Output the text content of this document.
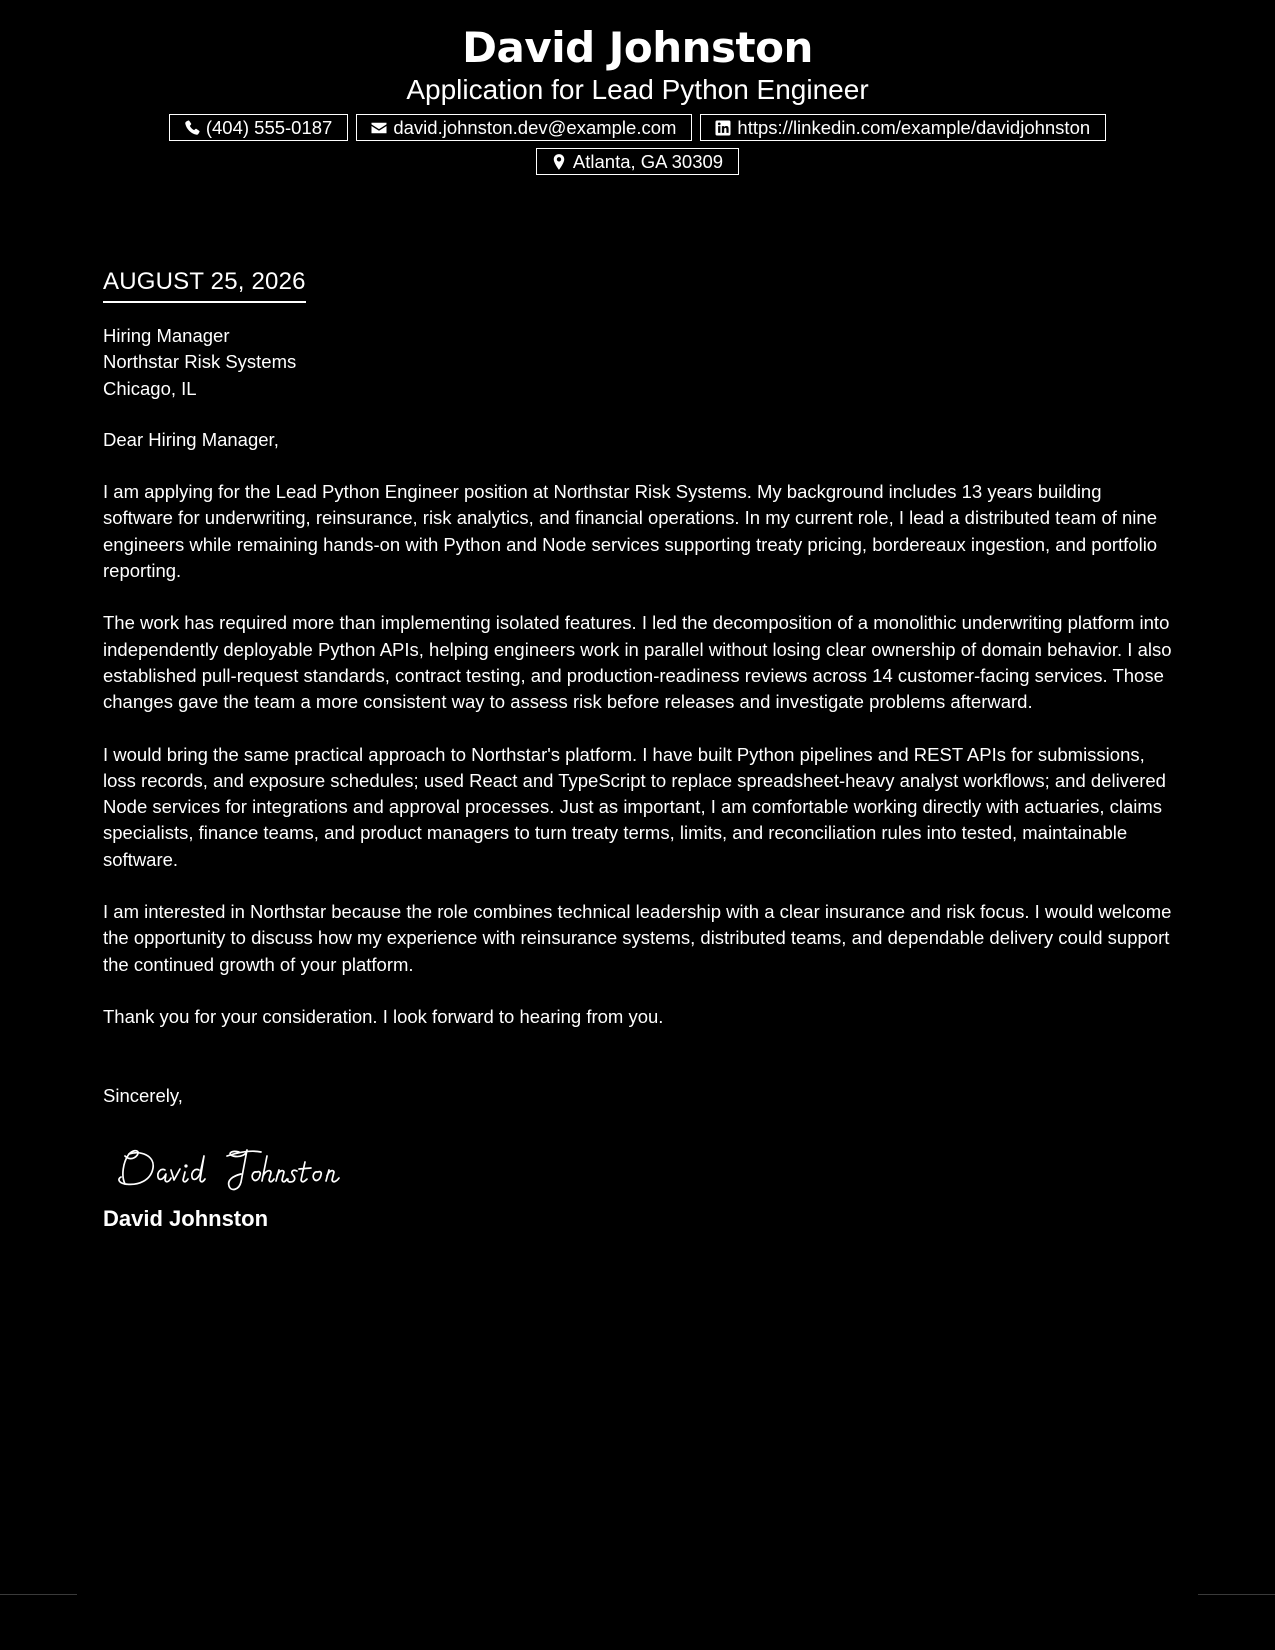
David Johnston
Application for Lead Python Engineer
(404) 555-0187	david.johnston.dev@example.com	https://linkedin.com/example/davidjohnston
Atlanta, GA 30309
AUGUST 25, 2026
Hiring Manager
Northstar Risk Systems
Chicago, IL
Dear Hiring Manager,
I am applying for the Lead Python Engineer position at Northstar Risk Systems. My background includes 13 years building software for underwriting, reinsurance, risk analytics, and financial operations. In my current role, I lead a distributed team of nine engineers while remaining hands-on with Python and Node services supporting treaty pricing, bordereaux ingestion, and portfolio reporting.
The work has required more than implementing isolated features. I led the decomposition of a monolithic underwriting platform into independently deployable Python APIs, helping engineers work in parallel without losing clear ownership of domain behavior. I also established pull-request standards, contract testing, and production-readiness reviews across 14 customer-facing services. Those changes gave the team a more consistent way to assess risk before releases and investigate problems afterward.
I would bring the same practical approach to Northstar's platform. I have built Python pipelines and REST APIs for submissions, loss records, and exposure schedules; used React and TypeScript to replace spreadsheet-heavy analyst workflows; and delivered Node services for integrations and approval processes. Just as important, I am comfortable working directly with actuaries, claims specialists, finance teams, and product managers to turn treaty terms, limits, and reconciliation rules into tested, maintainable software.
I am interested in Northstar because the role combines technical leadership with a clear insurance and risk focus. I would welcome the opportunity to discuss how my experience with reinsurance systems, distributed teams, and dependable delivery could support the continued growth of your platform.
Thank you for your consideration. I look forward to hearing from you.
Sincerely,
David Johnston
